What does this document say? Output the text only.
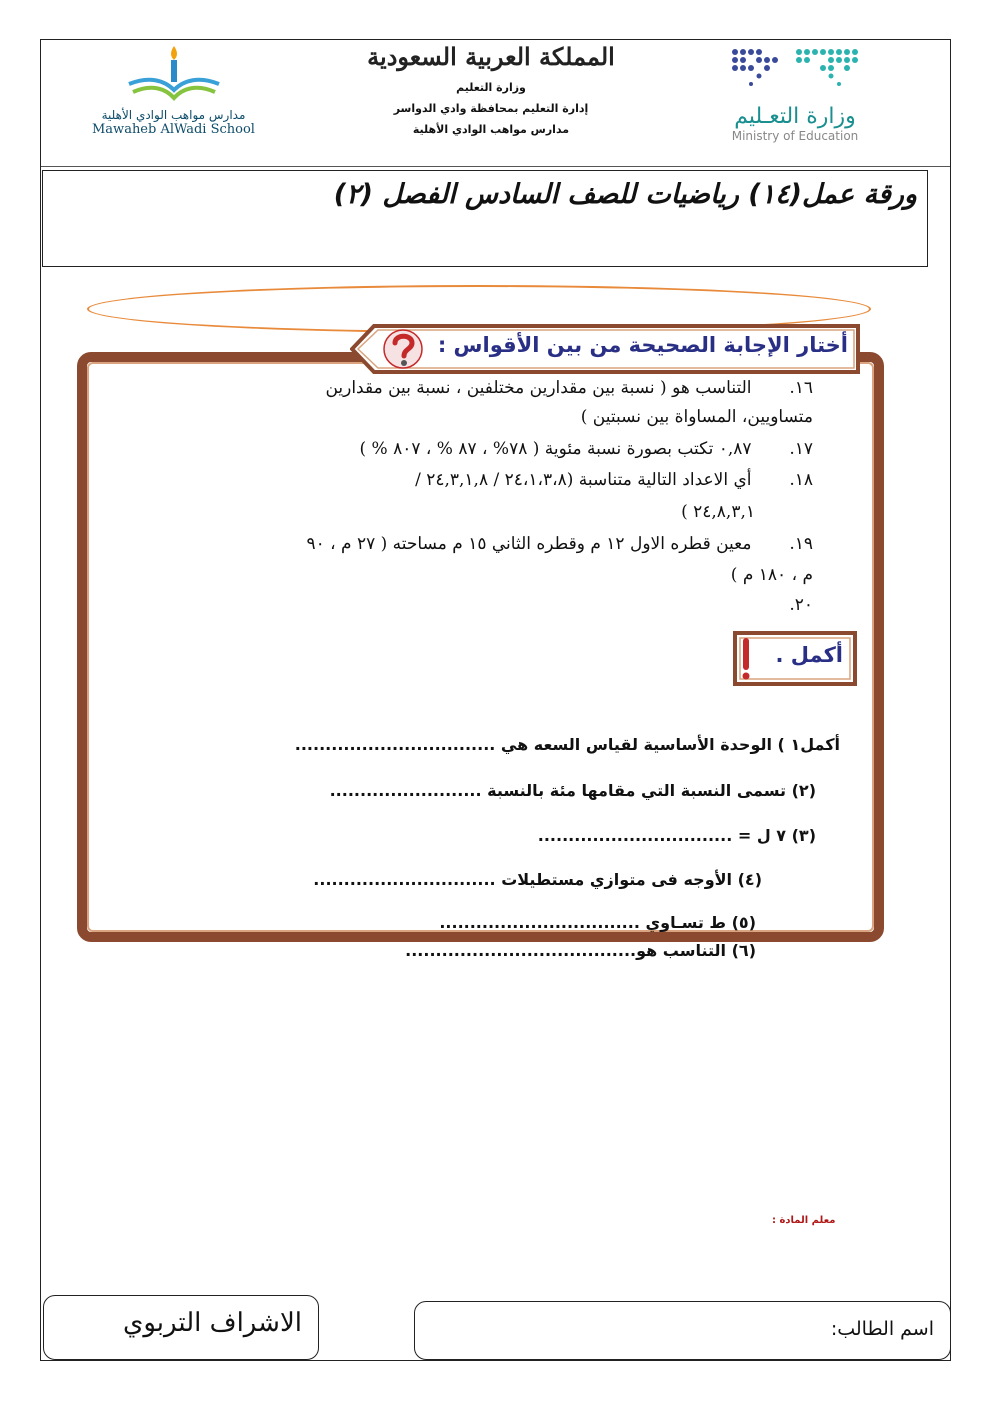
مدارس مواهب الوادي الأهلية
Mawaheb AlWadi School
المملكة العربية السعودية
وزارة التعليم
إدارة التعليم بمحافظة وادي الدواسر
مدارس مواهب الوادي الأهلية
وزارة التعـليم
Ministry of Education
ورقة عمل(١٤) رياضيات للصف السادس الفصل (٢)
أختار الإجابة الصحيحة من بين الأقواس :
١٦.       التناسب هو ( نسبة بين مقدارين مختلفين ، نسبة بين مقدارين
متساويين، المساواة بين نسبتين )
١٧.       ٠,٨٧ تكتب بصورة نسبة مئوية ( ٧٨% ، ٨٧ % ، ٨٠٧ % )
١٨.       أي الاعداد التالية متناسبة (٢٤،١،٣،٨ / ٢٤,٣,١,٨ /
٢٤,٨,٣,١ )
١٩.       معين قطره الاول ١٢ م وقطره الثاني ١٥ م مساحته ( ٢٧ م ، ٩٠
م ، ١٨٠ م )
٢٠.
أكمل .
أكمل١ ) الوحدة الأساسية لقياس السعه هي .................................
(٢) تسمى النسبة التي مقامها مئة بالنسبة .........................
(٣) ٧ ل = ................................
(٤) الأوجه فى متوازي مستطيلات ..............................
(٥) ط تسـاوي .................................
(٦) التناسب هو......................................
معلم المادة :
الاشراف التربوي	اسم الطالب:
